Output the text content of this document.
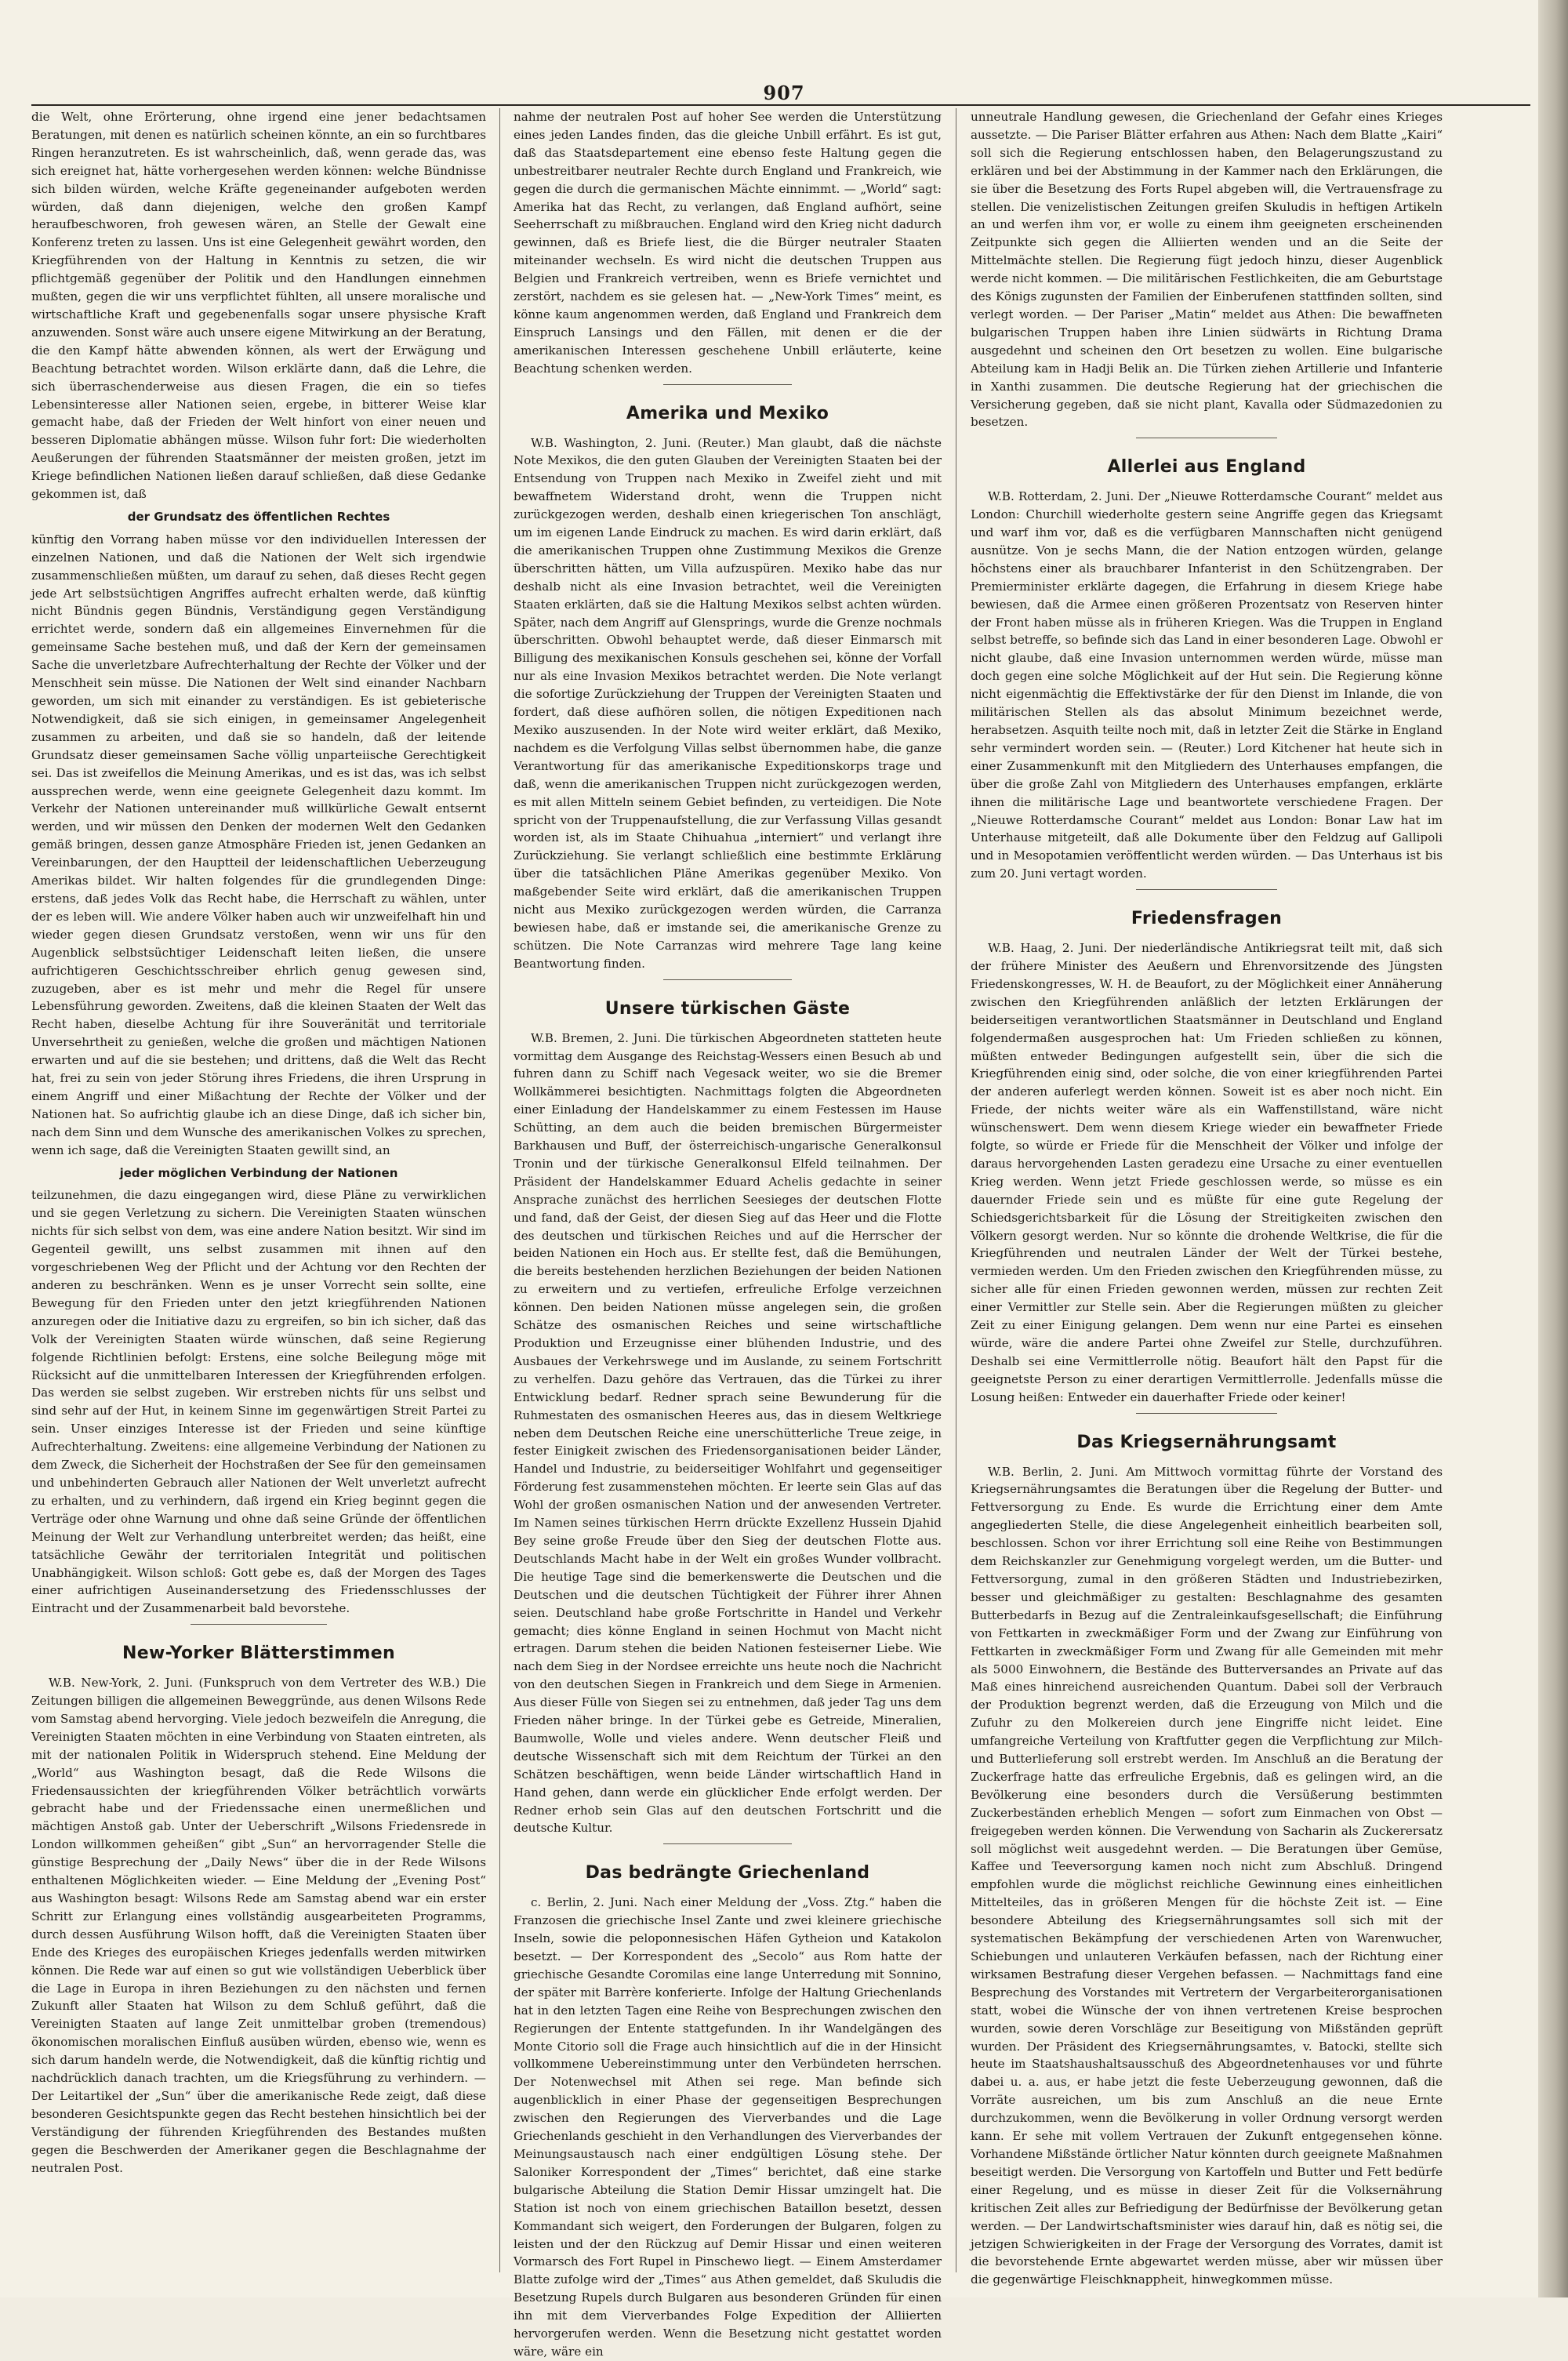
907

die Welt, ohne Erörterung, ohne irgend eine jener bedachtsamen Beratungen, mit denen es natürlich scheinen könnte, an ein so furchtbares Ringen heranzutreten. Es ist wahrscheinlich, daß, wenn gerade das, was sich ereignet hat, hätte vorhergesehen werden können: welche Bündnisse sich bilden würden, welche Kräfte gegeneinander aufgeboten werden würden, daß dann diejenigen, welche den großen Kampf heraufbeschworen, froh gewesen wären, an Stelle der Gewalt eine Konferenz treten zu lassen. Uns ist eine Gelegenheit gewährt worden, den Kriegführenden von der Haltung in Kenntnis zu setzen, die wir pflichtgemäß gegenüber der Politik und den Handlungen einnehmen mußten, gegen die wir uns verpflichtet fühlten, all unsere moralische und wirtschaftliche Kraft und gegebenenfalls sogar unsere physische Kraft anzuwenden. Sonst wäre auch unsere eigene Mitwirkung an der Beratung, die den Kampf hätte abwenden können, als wert der Erwägung und Beachtung betrachtet worden. Wilson erklärte dann, daß die Lehre, die sich überraschenderweise aus diesen Fragen, die ein so tiefes Lebensinteresse aller Nationen seien, ergebe, in bitterer Weise klar gemacht habe, daß der Frieden der Welt hinfort von einer neuen und besseren Diplomatie abhängen müsse. Wilson fuhr fort: Die wiederholten Aeußerungen der führenden Staatsmänner der meisten großen, jetzt im Kriege befindlichen Nationen ließen darauf schließen, daß diese Gedanke gekommen ist, daß

der Grundsatz des öffentlichen Rechtes

künftig den Vorrang haben müsse vor den individuellen Interessen der einzelnen Nationen, und daß die Nationen der Welt sich irgendwie zusammenschließen müßten, um darauf zu sehen, daß dieses Recht gegen jede Art selbstsüchtigen Angriffes aufrecht erhalten werde, daß künftig nicht Bündnis gegen Bündnis, Verständigung gegen Verständigung errichtet werde, sondern daß ein allgemeines Einvernehmen für die gemeinsame Sache bestehen muß, und daß der Kern der gemeinsamen Sache die unverletzbare Aufrechterhaltung der Rechte der Völker und der Menschheit sein müsse. Die Nationen der Welt sind einander Nachbarn geworden, um sich mit einander zu verständigen. Es ist gebieterische Notwendigkeit, daß sie sich einigen, in gemeinsamer Angelegenheit zusammen zu arbeiten, und daß sie so handeln, daß der leitende Grundsatz dieser gemeinsamen Sache völlig unparteiische Gerechtigkeit sei. Das ist zweifellos die Meinung Amerikas, und es ist das, was ich selbst aussprechen werde, wenn eine geeignete Gelegenheit dazu kommt. Im Verkehr der Nationen untereinander muß willkürliche Gewalt entsernt werden, und wir müssen den Denken der modernen Welt den Gedanken gemäß bringen, dessen ganze Atmosphäre Frieden ist, jenen Gedanken an Vereinbarungen, der den Hauptteil der leidenschaftlichen Ueberzeugung Amerikas bildet. Wir halten folgendes für die grundlegenden Dinge: erstens, daß jedes Volk das Recht habe, die Herrschaft zu wählen, unter der es leben will. Wie andere Völker haben auch wir unzweifelhaft hin und wieder gegen diesen Grundsatz verstoßen, wenn wir uns für den Augenblick selbstsüchtiger Leidenschaft leiten ließen, die unsere aufrichtigeren Geschichtsschreiber ehrlich genug gewesen sind, zuzugeben, aber es ist mehr und mehr die Regel für unsere Lebensführung geworden. Zweitens, daß die kleinen Staaten der Welt das Recht haben, dieselbe Achtung für ihre Souveränität und territoriale Unversehrtheit zu genießen, welche die großen und mächtigen Nationen erwarten und auf die sie bestehen; und drittens, daß die Welt das Recht hat, frei zu sein von jeder Störung ihres Friedens, die ihren Ursprung in einem Angriff und einer Mißachtung der Rechte der Völker und der Nationen hat. So aufrichtig glaube ich an diese Dinge, daß ich sicher bin, nach dem Sinn und dem Wunsche des amerikanischen Volkes zu sprechen, wenn ich sage, daß die Vereinigten Staaten gewillt sind, an

jeder möglichen Verbindung der Nationen

teilzunehmen, die dazu eingegangen wird, diese Pläne zu verwirklichen und sie gegen Verletzung zu sichern. Die Vereinigten Staaten wünschen nichts für sich selbst von dem, was eine andere Nation besitzt. Wir sind im Gegenteil gewillt, uns selbst zusammen mit ihnen auf den vorgeschriebenen Weg der Pflicht und der Achtung vor den Rechten der anderen zu beschränken. Wenn es je unser Vorrecht sein sollte, eine Bewegung für den Frieden unter den jetzt kriegführenden Nationen anzuregen oder die Initiative dazu zu ergreifen, so bin ich sicher, daß das Volk der Vereinigten Staaten würde wünschen, daß seine Regierung folgende Richtlinien befolgt: Erstens, eine solche Beilegung möge mit Rücksicht auf die unmittelbaren Interessen der Kriegführenden erfolgen. Das werden sie selbst zugeben. Wir erstreben nichts für uns selbst und sind sehr auf der Hut, in keinem Sinne im gegenwärtigen Streit Partei zu sein. Unser einziges Interesse ist der Frieden und seine künftige Aufrechterhaltung. Zweitens: eine allgemeine Verbindung der Nationen zu dem Zweck, die Sicherheit der Hochstraßen der See für den gemeinsamen und unbehinderten Gebrauch aller Nationen der Welt unverletzt aufrecht zu erhalten, und zu verhindern, daß irgend ein Krieg beginnt gegen die Verträge oder ohne Warnung und ohne daß seine Gründe der öffentlichen Meinung der Welt zur Verhandlung unterbreitet werden; das heißt, eine tatsächliche Gewähr der territorialen Integrität und politischen Unabhängigkeit. Wilson schloß: Gott gebe es, daß der Morgen des Tages einer aufrichtigen Auseinandersetzung des Friedensschlusses der Eintracht und der Zusammenarbeit bald bevorstehe.

New-Yorker Blätterstimmen

W.B. New-York, 2. Juni. (Funkspruch von dem Vertreter des W.B.) Die Zeitungen billigen die allgemeinen Beweggründe, aus denen Wilsons Rede vom Samstag abend hervorging. Viele jedoch bezweifeln die Anregung, die Vereinigten Staaten möchten in eine Verbindung von Staaten eintreten, als mit der nationalen Politik in Widerspruch stehend. Eine Meldung der „World“ aus Washington besagt, daß die Rede Wilsons die Friedensaussichten der kriegführenden Völker beträchtlich vorwärts gebracht habe und der Friedenssache einen unermeßlichen und mächtigen Anstoß gab. Unter der Ueberschrift „Wilsons Friedensrede in London willkommen geheißen“ gibt „Sun“ an hervorragender Stelle die günstige Besprechung der „Daily News“ über die in der Rede Wilsons enthaltenen Möglichkeiten wieder. — Eine Meldung der „Evening Post“ aus Washington besagt: Wilsons Rede am Samstag abend war ein erster Schritt zur Erlangung eines vollständig ausgearbeiteten Programms, durch dessen Ausführung Wilson hofft, daß die Vereinigten Staaten über Ende des Krieges des europäischen Krieges jedenfalls werden mitwirken können. Die Rede war auf einen so gut wie vollständigen Ueberblick über die Lage in Europa in ihren Beziehungen zu den nächsten und fernen Zukunft aller Staaten hat Wilson zu dem Schluß geführt, daß die Vereinigten Staaten auf lange Zeit unmittelbar groben (tremendous) ökonomischen moralischen Einfluß ausüben würden, ebenso wie, wenn es sich darum handeln werde, die Notwendigkeit, daß die künftig richtig und nachdrücklich danach trachten, um die Kriegsführung zu verhindern. — Der Leitartikel der „Sun“ über die amerikanische Rede zeigt, daß diese besonderen Gesichtspunkte gegen das Recht bestehen hinsichtlich bei der Verständigung der führenden Kriegführenden des Bestandes mußten gegen die Beschwerden der Amerikaner gegen die Beschlagnahme der neutralen Post.

nahme der neutralen Post auf hoher See werden die Unterstützung eines jeden Landes finden, das die gleiche Unbill erfährt. Es ist gut, daß das Staatsdepartement eine ebenso feste Haltung gegen die unbestreitbarer neutraler Rechte durch England und Frankreich, wie gegen die durch die germanischen Mächte einnimmt. — „World“ sagt: Amerika hat das Recht, zu verlangen, daß England aufhört, seine Seeherrschaft zu mißbrauchen. England wird den Krieg nicht dadurch gewinnen, daß es Briefe liest, die die Bürger neutraler Staaten miteinander wechseln. Es wird nicht die deutschen Truppen aus Belgien und Frankreich vertreiben, wenn es Briefe vernichtet und zerstört, nachdem es sie gelesen hat. — „New-York Times“ meint, es könne kaum angenommen werden, daß England und Frankreich dem Einspruch Lansings und den Fällen, mit denen er die der amerikanischen Interessen geschehene Unbill erläuterte, keine Beachtung schenken werden.

Amerika und Mexiko

W.B. Washington, 2. Juni. (Reuter.) Man glaubt, daß die nächste Note Mexikos, die den guten Glauben der Vereinigten Staaten bei der Entsendung von Truppen nach Mexiko in Zweifel zieht und mit bewaffnetem Widerstand droht, wenn die Truppen nicht zurückgezogen werden, deshalb einen kriegerischen Ton anschlägt, um im eigenen Lande Eindruck zu machen. Es wird darin erklärt, daß die amerikanischen Truppen ohne Zustimmung Mexikos die Grenze überschritten hätten, um Villa aufzuspüren. Mexiko habe das nur deshalb nicht als eine Invasion betrachtet, weil die Vereinigten Staaten erklärten, daß sie die Haltung Mexikos selbst achten würden. Später, nach dem Angriff auf Glensprings, wurde die Grenze nochmals überschritten. Obwohl behauptet werde, daß dieser Einmarsch mit Billigung des mexikanischen Konsuls geschehen sei, könne der Vorfall nur als eine Invasion Mexikos betrachtet werden. Die Note verlangt die sofortige Zurückziehung der Truppen der Vereinigten Staaten und fordert, daß diese aufhören sollen, die nötigen Expeditionen nach Mexiko auszusenden. In der Note wird weiter erklärt, daß Mexiko, nachdem es die Verfolgung Villas selbst übernommen habe, die ganze Verantwortung für das amerikanische Expeditionskorps trage und daß, wenn die amerikanischen Truppen nicht zurückgezogen werden, es mit allen Mitteln seinem Gebiet befinden, zu verteidigen. Die Note spricht von der Truppenaufstellung, die zur Verfassung Villas gesandt worden ist, als im Staate Chihuahua „interniert“ und verlangt ihre Zurückziehung. Sie verlangt schließlich eine bestimmte Erklärung über die tatsächlichen Pläne Amerikas gegenüber Mexiko. Von maßgebender Seite wird erklärt, daß die amerikanischen Truppen nicht aus Mexiko zurückgezogen werden würden, die Carranza bewiesen habe, daß er imstande sei, die amerikanische Grenze zu schützen. Die Note Carranzas wird mehrere Tage lang keine Beantwortung finden.

Unsere türkischen Gäste

W.B. Bremen, 2. Juni. Die türkischen Abgeordneten statteten heute vormittag dem Ausgange des Reichstag-Wessers einen Besuch ab und fuhren dann zu Schiff nach Vegesack weiter, wo sie die Bremer Wollkämmerei besichtigten. Nachmittags folgten die Abgeordneten einer Einladung der Handelskammer zu einem Festessen im Hause Schütting, an dem auch die beiden bremischen Bürgermeister Barkhausen und Buff, der österreichisch-ungarische Generalkonsul Tronin und der türkische Generalkonsul Elfeld teilnahmen. Der Präsident der Handelskammer Eduard Achelis gedachte in seiner Ansprache zunächst des herrlichen Seesieges der deutschen Flotte und fand, daß der Geist, der diesen Sieg auf das Heer und die Flotte des deutschen und türkischen Reiches und auf die Herrscher der beiden Nationen ein Hoch aus. Er stellte fest, daß die Bemühungen, die bereits bestehenden herzlichen Beziehungen der beiden Nationen zu erweitern und zu vertiefen, erfreuliche Erfolge verzeichnen können. Den beiden Nationen müsse angelegen sein, die großen Schätze des osmanischen Reiches und seine wirtschaftliche Produktion und Erzeugnisse einer blühenden Industrie, und des Ausbaues der Verkehrswege und im Auslande, zu seinem Fortschritt zu verhelfen. Dazu gehöre das Vertrauen, das die Türkei zu ihrer Entwicklung bedarf. Redner sprach seine Bewunderung für die Ruhmestaten des osmanischen Heeres aus, das in diesem Weltkriege neben dem Deutschen Reiche eine unerschütterliche Treue zeige, in fester Einigkeit zwischen des Friedensorganisationen beider Länder, Handel und Industrie, zu beiderseitiger Wohlfahrt und gegenseitiger Förderung fest zusammenstehen möchten. Er leerte sein Glas auf das Wohl der großen osmanischen Nation und der anwesenden Vertreter. Im Namen seines türkischen Herrn drückte Exzellenz Hussein Djahid Bey seine große Freude über den Sieg der deutschen Flotte aus. Deutschlands Macht habe in der Welt ein großes Wunder vollbracht. Die heutige Tage sind die bemerkenswerte die Deutschen und die Deutschen und die deutschen Tüchtigkeit der Führer ihrer Ahnen seien. Deutschland habe große Fortschritte in Handel und Verkehr gemacht; dies könne England in seinen Hochmut von Macht nicht ertragen. Darum stehen die beiden Nationen festeiserner Liebe. Wie nach dem Sieg in der Nordsee erreichte uns heute noch die Nachricht von den deutschen Siegen in Frankreich und dem Siege in Armenien. Aus dieser Fülle von Siegen sei zu entnehmen, daß jeder Tag uns dem Frieden näher bringe. In der Türkei gebe es Getreide, Mineralien, Baumwolle, Wolle und vieles andere. Wenn deutscher Fleiß und deutsche Wissenschaft sich mit dem Reichtum der Türkei an den Schätzen beschäftigen, wenn beide Länder wirtschaftlich Hand in Hand gehen, dann werde ein glücklicher Ende erfolgt werden. Der Redner erhob sein Glas auf den deutschen Fortschritt und die deutsche Kultur.

Das bedrängte Griechenland

c. Berlin, 2. Juni. Nach einer Meldung der „Voss. Ztg.“ haben die Franzosen die griechische Insel Zante und zwei kleinere griechische Inseln, sowie die peloponnesischen Häfen Gytheion und Katakolon besetzt. — Der Korrespondent des „Secolo“ aus Rom hatte der griechische Gesandte Coromilas eine lange Unterredung mit Sonnino, der später mit Barrère konferierte. Infolge der Haltung Griechenlands hat in den letzten Tagen eine Reihe von Besprechungen zwischen den Regierungen der Entente stattgefunden. In ihr Wandelgängen des Monte Citorio soll die Frage auch hinsichtlich auf die in der Hinsicht vollkommene Uebereinstimmung unter den Verbündeten herrschen. Der Notenwechsel mit Athen sei rege. Man befinde sich augenblicklich in einer Phase der gegenseitigen Besprechungen zwischen den Regierungen des Vierverbandes und die Lage Griechenlands geschieht in den Verhandlungen des Vierverbandes der Meinungsaustausch nach einer endgültigen Lösung stehe. Der Saloniker Korrespondent der „Times“ berichtet, daß eine starke bulgarische Abteilung die Station Demir Hissar umzingelt hat. Die Station ist noch von einem griechischen Bataillon besetzt, dessen Kommandant sich weigert, den Forderungen der Bulgaren, folgen zu leisten und der den Rückzug auf Demir Hissar und einen weiteren Vormarsch des Fort Rupel in Pinschewo liegt. — Einem Amsterdamer Blatte zufolge wird der „Times“ aus Athen gemeldet, daß Skuludis die Besetzung Rupels durch Bulgaren aus besonderen Gründen für einen ihn mit dem Vierverbandes Folge Expedition der Alliierten hervorgerufen werden. Wenn die Besetzung nicht gestattet worden wäre, wäre ein

unneutrale Handlung gewesen, die Griechenland der Gefahr eines Krieges aussetzte. — Die Pariser Blätter erfahren aus Athen: Nach dem Blatte „Kairi“ soll sich die Regierung entschlossen haben, den Belagerungszustand zu erklären und bei der Abstimmung in der Kammer nach den Erklärungen, die sie über die Besetzung des Forts Rupel abgeben will, die Vertrauensfrage zu stellen. Die venizelistischen Zeitungen greifen Skuludis in heftigen Artikeln an und werfen ihm vor, er wolle zu einem ihm geeigneten erscheinenden Zeitpunkte sich gegen die Alliierten wenden und an die Seite der Mittelmächte stellen. Die Regierung fügt jedoch hinzu, dieser Augenblick werde nicht kommen. — Die militärischen Festlichkeiten, die am Geburtstage des Königs zugunsten der Familien der Einberufenen stattfinden sollten, sind verlegt worden. — Der Pariser „Matin“ meldet aus Athen: Die bewaffneten bulgarischen Truppen haben ihre Linien südwärts in Richtung Drama ausgedehnt und scheinen den Ort besetzen zu wollen. Eine bulgarische Abteilung kam in Hadji Belik an. Die Türken ziehen Artillerie und Infanterie in Xanthi zusammen. Die deutsche Regierung hat der griechischen die Versicherung gegeben, daß sie nicht plant, Kavalla oder Südmazedonien zu besetzen.

Allerlei aus England

W.B. Rotterdam, 2. Juni. Der „Nieuwe Rotterdamsche Courant“ meldet aus London: Churchill wiederholte gestern seine Angriffe gegen das Kriegsamt und warf ihm vor, daß es die verfügbaren Mannschaften nicht genügend ausnütze. Von je sechs Mann, die der Nation entzogen würden, gelange höchstens einer als brauchbarer Infanterist in den Schützengraben. Der Premierminister erklärte dagegen, die Erfahrung in diesem Kriege habe bewiesen, daß die Armee einen größeren Prozentsatz von Reserven hinter der Front haben müsse als in früheren Kriegen. Was die Truppen in England selbst betreffe, so befinde sich das Land in einer besonderen Lage. Obwohl er nicht glaube, daß eine Invasion unternommen werden würde, müsse man doch gegen eine solche Möglichkeit auf der Hut sein. Die Regierung könne nicht eigenmächtig die Effektivstärke der für den Dienst im Inlande, die von militärischen Stellen als das absolut Minimum bezeichnet werde, herabsetzen. Asquith teilte noch mit, daß in letzter Zeit die Stärke in England sehr vermindert worden sein. — (Reuter.) Lord Kitchener hat heute sich in einer Zusammenkunft mit den Mitgliedern des Unterhauses empfangen, die über die große Zahl von Mitgliedern des Unterhauses empfangen, erklärte ihnen die militärische Lage und beantwortete verschiedene Fragen. Der „Nieuwe Rotterdamsche Courant“ meldet aus London: Bonar Law hat im Unterhause mitgeteilt, daß alle Dokumente über den Feldzug auf Gallipoli und in Mesopotamien veröffentlicht werden würden. — Das Unterhaus ist bis zum 20. Juni vertagt worden.

Friedensfragen

W.B. Haag, 2. Juni. Der niederländische Antikriegsrat teilt mit, daß sich der frühere Minister des Aeußern und Ehrenvorsitzende des Jüngsten Friedenskongresses, W. H. de Beaufort, zu der Möglichkeit einer Annäherung zwischen den Kriegführenden anläßlich der letzten Erklärungen der beiderseitigen verantwortlichen Staatsmänner in Deutschland und England folgendermaßen ausgesprochen hat: Um Frieden schließen zu können, müßten entweder Bedingungen aufgestellt sein, über die sich die Kriegführenden einig sind, oder solche, die von einer kriegführenden Partei der anderen auferlegt werden können. Soweit ist es aber noch nicht. Ein Friede, der nichts weiter wäre als ein Waffenstillstand, wäre nicht wünschenswert. Dem wenn diesem Kriege wieder ein bewaffneter Friede folgte, so würde er Friede für die Menschheit der Völker und infolge der daraus hervorgehenden Lasten geradezu eine Ursache zu einer eventuellen Krieg werden. Wenn jetzt Friede geschlossen werde, so müsse es ein dauernder Friede sein und es müßte für eine gute Regelung der Schiedsgerichtsbarkeit für die Lösung der Streitigkeiten zwischen den Völkern gesorgt werden. Nur so könnte die drohende Weltkrise, die für die Kriegführenden und neutralen Länder der Welt der Türkei bestehe, vermieden werden. Um den Frieden zwischen den Kriegführenden müsse, zu sicher alle für einen Frieden gewonnen werden, müssen zur rechten Zeit einer Vermittler zur Stelle sein. Aber die Regierungen müßten zu gleicher Zeit zu einer Einigung gelangen. Dem wenn nur eine Partei es einsehen würde, wäre die andere Partei ohne Zweifel zur Stelle, durchzuführen. Deshalb sei eine Vermittlerrolle nötig. Beaufort hält den Papst für die geeignetste Person zu einer derartigen Vermittlerrolle. Jedenfalls müsse die Losung heißen: Entweder ein dauerhafter Friede oder keiner!

Das Kriegsernährungsamt

W.B. Berlin, 2. Juni. Am Mittwoch vormittag führte der Vorstand des Kriegsernährungsamtes die Beratungen über die Regelung der Butter- und Fettversorgung zu Ende. Es wurde die Errichtung einer dem Amte angegliederten Stelle, die diese Angelegenheit einheitlich bearbeiten soll, beschlossen. Schon vor ihrer Errichtung soll eine Reihe von Bestimmungen dem Reichskanzler zur Genehmigung vorgelegt werden, um die Butter- und Fettversorgung, zumal in den größeren Städten und Industriebezirken, besser und gleichmäßiger zu gestalten: Beschlagnahme des gesamten Butterbedarfs in Bezug auf die Zentraleinkaufsgesellschaft; die Einführung von Fettkarten in zweckmäßiger Form und der Zwang zur Einführung von Fettkarten in zweckmäßiger Form und Zwang für alle Gemeinden mit mehr als 5000 Einwohnern, die Bestände des Butterversandes an Private auf das Maß eines hinreichend ausreichenden Quantum. Dabei soll der Verbrauch der Produktion begrenzt werden, daß die Erzeugung von Milch und die Zufuhr zu den Molkereien durch jene Eingriffe nicht leidet. Eine umfangreiche Verteilung von Kraftfutter gegen die Verpflichtung zur Milch- und Butterlieferung soll erstrebt werden. Im Anschluß an die Beratung der Zuckerfrage hatte das erfreuliche Ergebnis, daß es gelingen wird, an die Bevölkerung eine besonders durch die Versüßerung bestimmten Zuckerbeständen erheblich Mengen — sofort zum Einmachen von Obst — freigegeben werden können. Die Verwendung von Sacharin als Zuckerersatz soll möglichst weit ausgedehnt werden. — Die Beratungen über Gemüse, Kaffee und Teeversorgung kamen noch nicht zum Abschluß. Dringend empfohlen wurde die möglichst reichliche Gewinnung eines einheitlichen Mittelteiles, das in größeren Mengen für die höchste Zeit ist. — Eine besondere Abteilung des Kriegsernährungsamtes soll sich mit der systematischen Bekämpfung der verschiedenen Arten von Warenwucher, Schiebungen und unlauteren Verkäufen befassen, nach der Richtung einer wirksamen Bestrafung dieser Vergehen befassen. — Nachmittags fand eine Besprechung des Vorstandes mit Vertretern der Vergarbeiterorganisationen statt, wobei die Wünsche der von ihnen vertretenen Kreise besprochen wurden, sowie deren Vorschläge zur Beseitigung von Mißständen geprüft wurden. Der Präsident des Kriegsernährungsamtes, v. Batocki, stellte sich heute im Staatshaushaltsausschuß des Abgeordnetenhauses vor und führte dabei u. a. aus, er habe jetzt die feste Ueberzeugung gewonnen, daß die Vorräte ausreichen, um bis zum Anschluß an die neue Ernte durchzukommen, wenn die Bevölkerung in voller Ordnung versorgt werden kann. Er sehe mit vollem Vertrauen der Zukunft entgegensehen könne. Vorhandene Mißstände örtlicher Natur könnten durch geeignete Maßnahmen beseitigt werden. Die Versorgung von Kartoffeln und Butter und Fett bedürfe einer Regelung, und es müsse in dieser Zeit für die Volksernährung kritischen Zeit alles zur Befriedigung der Bedürfnisse der Bevölkerung getan werden. — Der Landwirtschaftsminister wies darauf hin, daß es nötig sei, die jetzigen Schwierigkeiten in der Frage der Versorgung des Vorrates, damit ist die bevorstehende Ernte abgewartet werden müsse, aber wir müssen über die gegenwärtige Fleischknappheit, hinwegkommen müsse.
